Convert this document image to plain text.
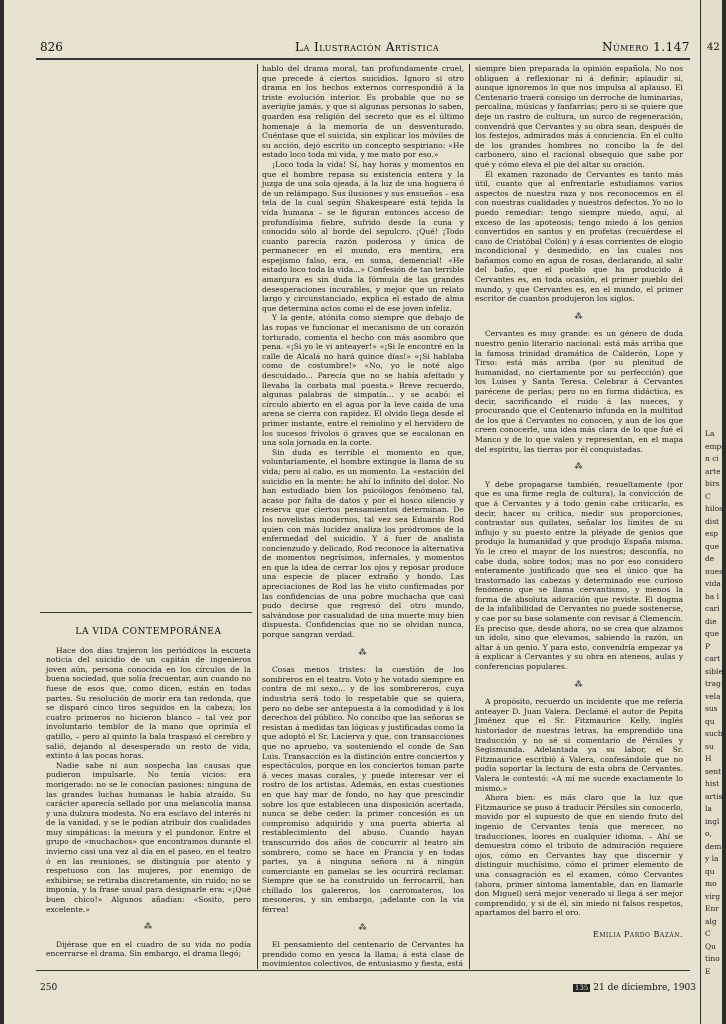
826	La Ilustración Artística	Número 1.147
LA VIDA CONTEMPORÁNEA

Hace dos días trajeron los periódicos la escueta noticia del suicidio de un capitán de ingenieros joven aún, persona conocida en los círculos de la buena sociedad, que solía frecuentar, aun cuando no fuese de esos que, como dicen, están en todas partes. Su resolución de morir era tan redonda, que se disparó cinco tiros seguidos en la cabeza; los cuatro primeros no hicieron blanco – tal vez por involuntario temblor de la mano que oprimía el gatillo, – pero al quinto la bala traspasó el cerebro y salió, dejando al desesperado un resto de vida, extinto á las pocas horas.

Nadie sabe ni aun sospecha las causas que pudieron impulsarle. No tenía vicios: era morigerado: no se le conocían pasiones: ninguna de las grandes luchas humanas le había atraído. Su carácter aparecía sellado por una melancolía mansa y una dulzura modesta. No era esclavo del interés ni de la vanidad, y se le podían atribuir dos cualidades muy simpáticas: la mesura y el pundonor. Entre el grupo de «muchachos» que encontramos durante el invierno casi una vez al día en el paseo, en el teatro ó en las reuniones, se distinguía por atento y respetuoso con las mujeres, por enemigo de exhibirse; se retiraba discretamente, sin ruido; no se imponía, y la frase usual para designarle era: «¡Qué buen chico!» Algunos añadían: «Sosito, pero excelente.»

⁂

Dijérase que en el cuadro de su vida no podía encerrarse el drama. Sin embargo, el drama llegó;

hablo del drama moral, tan profundamente cruel, que precede á ciertos suicidios. Ignoro si otro drama en los hechos externos correspondió á la triste evolución interior. Es probable que no se averigüe jamás, y que si algunas personas lo saben, guarden esa religión del secreto que es el último homenaje á la memoria de un desventurado. Cuéntase que el suicida, sin explicar los móviles de su acción, dejó escrito un concepto sespiriano: «He estado loco toda mi vida, y me mato por eso.»

¡Loco toda la vida! Sí, hay horas y momentos en que el hombre repasa su existencia entera y la juzga de una sola ojeada, á la luz de una hoguera ó de un relámpago. Sus ilusiones y sus ensueños – esa tela de la cual según Shakespeare está tejida la vida humana – se le figuran entonces acceso de profundísima fiebre, sufrido desde la cuna y conocido sólo al borde del sepulcro. ¡Qué! ¡Todo cuanto parecía razón poderosa y única de permanecer en el mundo, era mentira, era espejismo falso, era, en suma, demencial! «He estado loco toda la vida...» Confesión de tan terrible amargura es sin duda la fórmula de las grandes desesperaciones incurables, y mejor que un relato largo y circunstanciado, explica el estado de alma que determina actos como el de ese joven infeliz.

Y la gente, atónita como siempre que debajo de las ropas ve funcionar el mecanismo de un corazón torturado, comenta el hecho con más asombro que pena. «¡Si yo le vi anteayer!» «¡Si le encontré en la calle de Alcalá no hará quince días!» «¡Si hablaba como de costumbre!» «No, yo le noté algo descuidado... Parecía que no se había afeitado y llevaba la corbata mal puesta.» Breve recuerdo, algunas palabras de simpatía... y se acabó: el círculo abierto en el agua por la leve caída de una arena se cierra con rapidez. El olvido llega desde el primer instante, entre el remolino y el hervidero de los sucesos frívolos ó graves que se escalonan en una sola jornada en la corte.

Sin duda es terrible el momento en que, voluntariamente, el hombre extingue la llama de su vida; pero al cabo, es un momento. La «estación del suicidio en la mente: he ahí lo infinito del dolor. No han estudiado bien los psicólogos fenómeno tal, acaso por falta de datos y por el hosco silencio y reserva que ciertos pensamientos determinan. De los novelistas modernos, tal vez sea Eduardo Rod quien con más lucidez analiza los pródromos de la enfermedad del suicidio. Y á fuer de analista concienzudo y delicado, Rod reconoce la alternativa de momentos negrísimos, infernales, y momentos en que la idea de cerrar los ojos y reposar produce una especie de placer extraño y hondo. Las apreciaciones de Rod las he visto confirmadas por las confidencias de una pobre muchacha que casi pudo decirse que regresó del otro mundo, salvándose por casualidad de una muerte muy bien dispuesta. Confidencias que no se olvidan nunca, porque sangran verdad.

⁂

Cosas menos tristes: la cuestión de los sombreros en el teatro. Voto y he votado siempre en contra de mi sexo... y de los sombrereros, cuya industria será todo lo respetable que se quiera, pero no debe ser antepuesta á la comodidad y á los derechos del público. No concibo que las señoras se resistan á medidas tan lógicas y justificadas como la que adoptó el Sr. Lacierva y que, con transacciones que no apruebo, va sosteniendo el conde de San Luis. Transacción es la distinción entre conciertos y espectáculos, porque en los conciertos toman parte á veces masas corales, y puede interesar ver el rostro de los artistas. Además, en estas cuestiones en que hay mar de fondo, no hay que prescindir sobre los que establecen una disposición acertada, nunca se debe ceder: la primer concesión es un compromiso adquirido y una puerta abierta al restablecimiento del abuso. Cuando hayan transcurrido dos años de concurrir al teatro sin sombrero, como se hace en Francia y en todas partes, ya á ninguna señora ni á ningún comerciante en pamelas se les ocurrirá reclamar. Siempre que se ha construido un ferrocarril, han chillado los galereros, los carromateros, los mesoneros, y sin embargo, ¡adelante con la vía férrea!

⁂

El pensamiento del centenario de Cervantes ha prendido como en yesca la llama; á esta clase de movimientos colectivos, de entusiasmo y fiesta, está

siempre bien preparada la opinión española. No nos obliguen á reflexionar ni á definir; aplaudir sí, aunque ignoremos lo que nos impulsa al aplauso. El Centenario traerá consigo un derroche de luminarias, percalina, músicas y fanfarrias; pero si se quiere que deje un rastro de cultura, un surco de regeneración, convendrá que Cervantes y su obra sean, después de los festejos, admirados más á conciencia. En el culto de los grandes hombres no concibo la fe del carbonero, sino el racional obsequio que sabe por qué y cómo eleva el pie del altar su oración.

El examen razonado de Cervantes es tanto más útil, cuanto que al enfrentarle estudiamos varios aspectos de nuestra raza y nos reconocemos en él con nuestras cualidades y nuestros defectos. Yo no lo puedo remediar: tengo siempre miedo, aquí, al exceso de las apoteosis; tengo miedo á los genios convertidos en santos y en profetas (recuérdese el caso de Cristóbal Colón) y á esas corrientes de elogio incondicional y desmedido, en las cuales nos bañamos como en agua de rosas, declarando, al salir del baño, que el pueblo que ha producido á Cervantes es, en toda ocasión, el primer pueblo del mundo, y que Cervantes es, en el mundo, el primer escritor de cuantos produjeron los siglos.

⁂

Cervantes es muy grande: es un género de duda nuestro genio literario nacional: está más arriba que la famosa trinidad dramática de Calderón, Lope y Tirso: está más arriba (por su plenitud de humanidad, no ciertamente por su perfección) que los Luises y Santa Teresa. Celebrar á Cervantes parécene de perlas; pero no en forma didáctica, es decir, sacrificando el ruido á las nueces, y procurando que el Centenario infunda en la multitud de los que á Cervantes no conocen, y aun de los que creen conocerle, una idea más clara de lo que fué el Manco y de lo que valen y representan, en el mapa del espíritu, las tierras por él conquistadas.

⁂

Y debe propagarse también, resueltamente (por que es una firme regla de cultura), la convicción de que á Cervantes y á todo genio cabe criticarlo, es decir, hacer su crítica, medir sus proporciones, contrastar sus quilates, señalar los límites de su influjo y su puesto entre la pléyade de genios que produjo la humanidad y que produjo España misma. Yo le creo el mayor de los nuestros; desconfía, no cabe duda, sobre todos; mas no por eso considero enteramente justificado que sea el único que ha trastornado las cabezas y determinado ese curioso fenómeno que se llama cervantismo, y menos la forma de absoluta adoración que reviste. El dogma de la infalibilidad de Cervantes no puede sostenerse, y cae por su base solamente con revisar á Clemencín. Es preciso que, desde ahora, no se crea que alzamos un ídolo, sino que elevamos, sabiendo la razón, un altar á un genio. Y para esto, convendría empezar ya á explicar á Cervantes y su obra en ateneos, aulas y conferencias populares.

⁂

A propósito, recuerdo un incidente que me refería anteayer D. Juan Valera. Declamé el autor de Pepita Jiménez que el Sr. Fitzmaurice Kelly, inglés historiador de nuestras letras, ha emprendido una traducción y no sé si comentario de Pérsiles y Segismunda. Adelantada ya su labor, el Sr. Fitzmaurice escribió á Valera, confesándole que no podía soportar la lectura de esta obra de Cervantes. Valera le contestó: «A mí me sucede exactamente lo mismo.»

Ahora bien: es más claro que la luz que Fitzmaurice se puso á traducir Pérsiles sin conocerlo, movido por el supuesto de que en siendo fruto del ingenio de Cervantes tenía que merecer, no traducciones, loores en cualquier idioma. – Ahí se demuestra cómo el tributo de admiración requiere ojos, cómo en Cervantes hay que discernir y distinguir muchísimo, cómo el primer elemento de una consagración es el examen, cómo Cervantes (ahora, primer síntoma lamentable, dan en llamarle don Miguel) será mejor venerado si llega á ser mejor comprendido, y si de él, sin miedo ni falsos respetos, apartamos del barro el oro.

Emilia Pardo Bazán.
250	135 21 de diciembre, 1903
42
La
empe
n ci
arte
birs
C
hilos
dist
esp
que
de
nues
vida
ba l
cari
die
que
P
cart
sible
trag
vela
sus
qu
sucb
su
H
sent
hist
artis
la
ingl
o,
dem
y la
qu
mo
virg
Enr
alg
C
Qu
tino
E
